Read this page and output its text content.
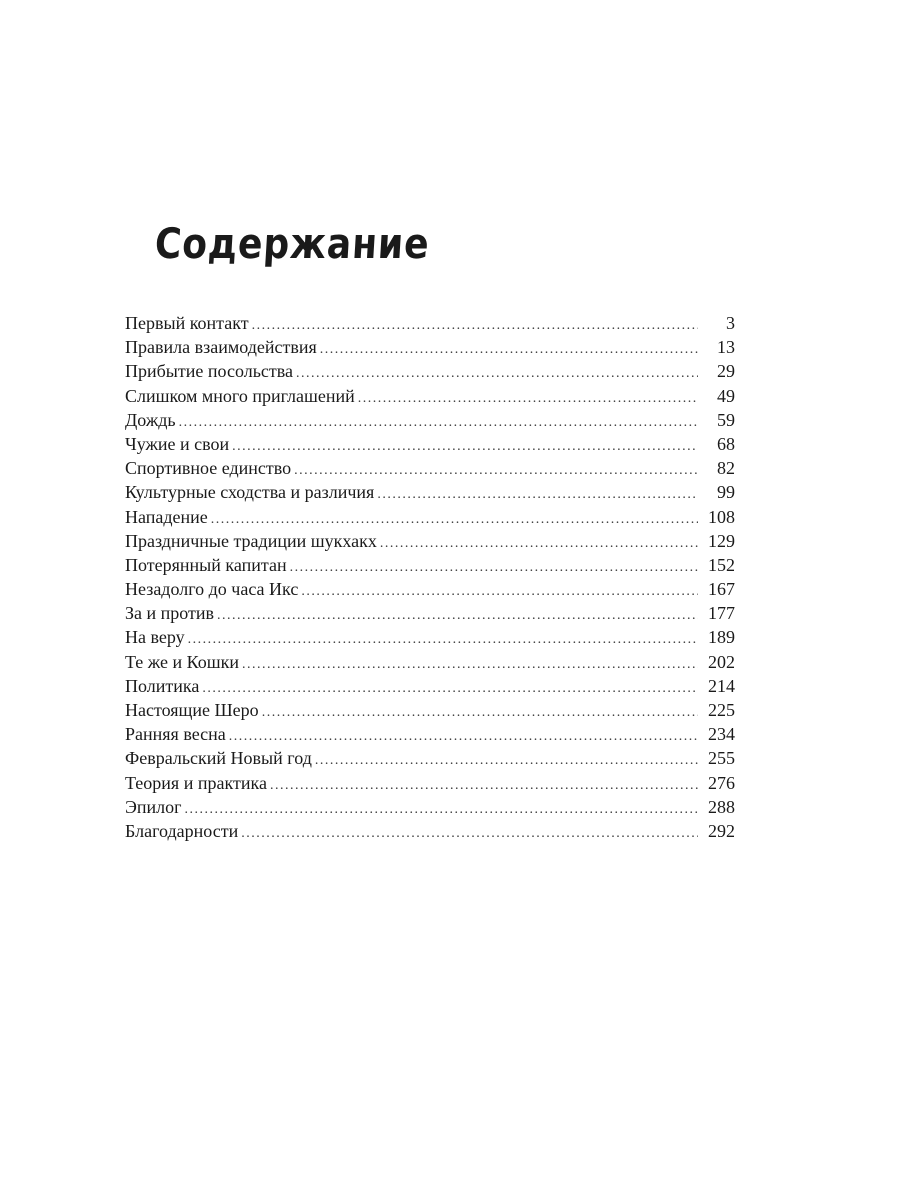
Содержание
Первый контакт . . .	3
Правила взаимодействия . . .	13
Прибытие посольства . . .	29
Слишком много приглашений . . .	49
Дождь . . .	59
Чужие и свои . . .	68
Спортивное единство . . .	82
Культурные сходства и различия . . .	99
Нападение . . .	108
Праздничные традиции шукхакх . . .	129
Потерянный капитан . . .	152
Незадолго до часа Икс . . .	167
За и против . . .	177
На веру . . .	189
Те же и Кошки . . .	202
Политика . . .	214
Настоящие Шеро . . .	225
Ранняя весна . . .	234
Февральский Новый год . . .	255
Теория и практика . . .	276
Эпилог . . .	288
Благодарности . . .	292
